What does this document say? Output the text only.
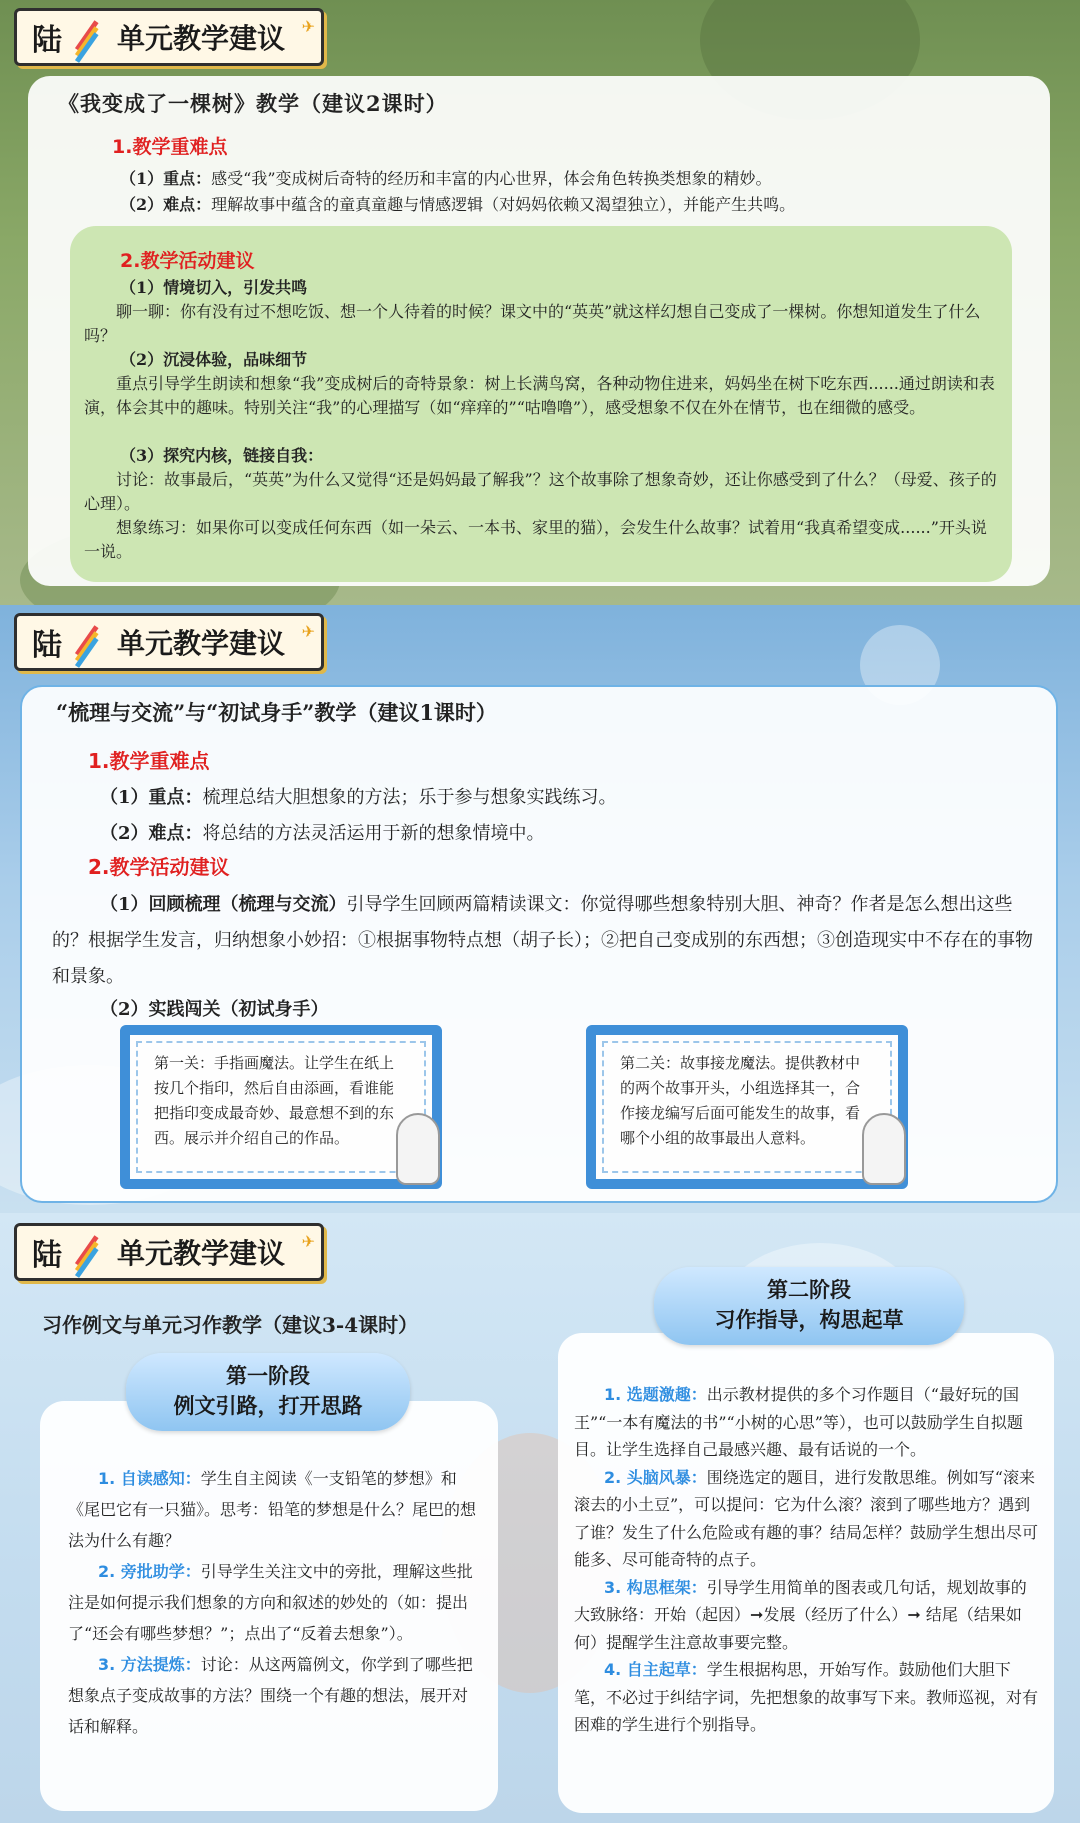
陆	单元教学建议 ✈
《我变成了一棵树》教学（建议2课时）
1.教学重难点
（1）重点：感受“我”变成树后奇特的经历和丰富的内心世界，体会角色转换类想象的精妙。
（2）难点：理解故事中蕴含的童真童趣与情感逻辑（对妈妈依赖又渴望独立），并能产生共鸣。
2.教学活动建议
（1）情境切入，引发共鸣
聊一聊：你有没有过不想吃饭、想一个人待着的时候？课文中的“英英”就这样幻想自己变成了一棵树。你想知道发生了什么吗？
（2）沉浸体验，品味细节
重点引导学生朗读和想象“我”变成树后的奇特景象：树上长满鸟窝，各种动物住进来，妈妈坐在树下吃东西......通过朗读和表演，体会其中的趣味。特别关注“我”的心理描写（如“痒痒的”“咕噜噜”），感受想象不仅在外在情节，也在细微的感受。
（3）探究内核，链接自我：
讨论：故事最后，“英英”为什么又觉得“还是妈妈最了解我”？这个故事除了想象奇妙，还让你感受到了什么？（母爱、孩子的心理）。
想象练习：如果你可以变成任何东西（如一朵云、一本书、家里的猫），会发生什么故事？试着用“我真希望变成......”开头说一说。
陆	单元教学建议 ✈
“梳理与交流”与“初试身手”教学（建议1课时）
1.教学重难点
（1）重点：梳理总结大胆想象的方法；乐于参与想象实践练习。
（2）难点：将总结的方法灵活运用于新的想象情境中。
2.教学活动建议
（1）回顾梳理（梳理与交流）引导学生回顾两篇精读课文：你觉得哪些想象特别大胆、神奇？作者是怎么想出这些的？根据学生发言，归纳想象小妙招：①根据事物特点想（胡子长）；②把自己变成别的东西想；③创造现实中不存在的事物和景象。
（2）实践闯关（初试身手）
第一关：手指画魔法。让学生在纸上按几个指印，然后自由添画，看谁能把指印变成最奇妙、最意想不到的东西。展示并介绍自己的作品。
第二关：故事接龙魔法。提供教材中的两个故事开头，小组选择其一，合作接龙编写后面可能发生的故事，看哪个小组的故事最出人意料。
陆	单元教学建议 ✈
习作例文与单元习作教学（建议3-4课时）

1. 自读感知：学生自主阅读《一支铅笔的梦想》和《尾巴它有一只猫》。思考：铅笔的梦想是什么？尾巴的想法为什么有趣？

2. 旁批助学：引导学生关注文中的旁批，理解这些批注是如何提示我们想象的方向和叙述的妙处的（如：提出了“还会有哪些梦想？”；点出了“反着去想象”）。

3. 方法提炼：讨论：从这两篇例文，你学到了哪些把想象点子变成故事的方法？围绕一个有趣的想法，展开对话和解释。

第一阶段
例文引路，打开思路	1. 选题激趣：出示教材提供的多个习作题目（“最好玩的国王”“一本有魔法的书”“小树的心思”等），也可以鼓励学生自拟题目。让学生选择自己最感兴趣、最有话说的一个。

2. 头脑风暴：围绕选定的题目，进行发散思维。例如写“滚来滚去的小土豆”，可以提问：它为什么滚？滚到了哪些地方？遇到了谁？发生了什么危险或有趣的事？结局怎样？鼓励学生想出尽可能多、尽可能奇特的点子。

3. 构思框架：引导学生用简单的图表或几句话，规划故事的大致脉络：开始（起因）➞发展（经历了什么）➞ 结尾（结果如何）提醒学生注意故事要完整。

4. 自主起草：学生根据构思，开始写作。鼓励他们大胆下笔，不必过于纠结字词，先把想象的故事写下来。教师巡视，对有困难的学生进行个别指导。

第二阶段
习作指导，构思起草
